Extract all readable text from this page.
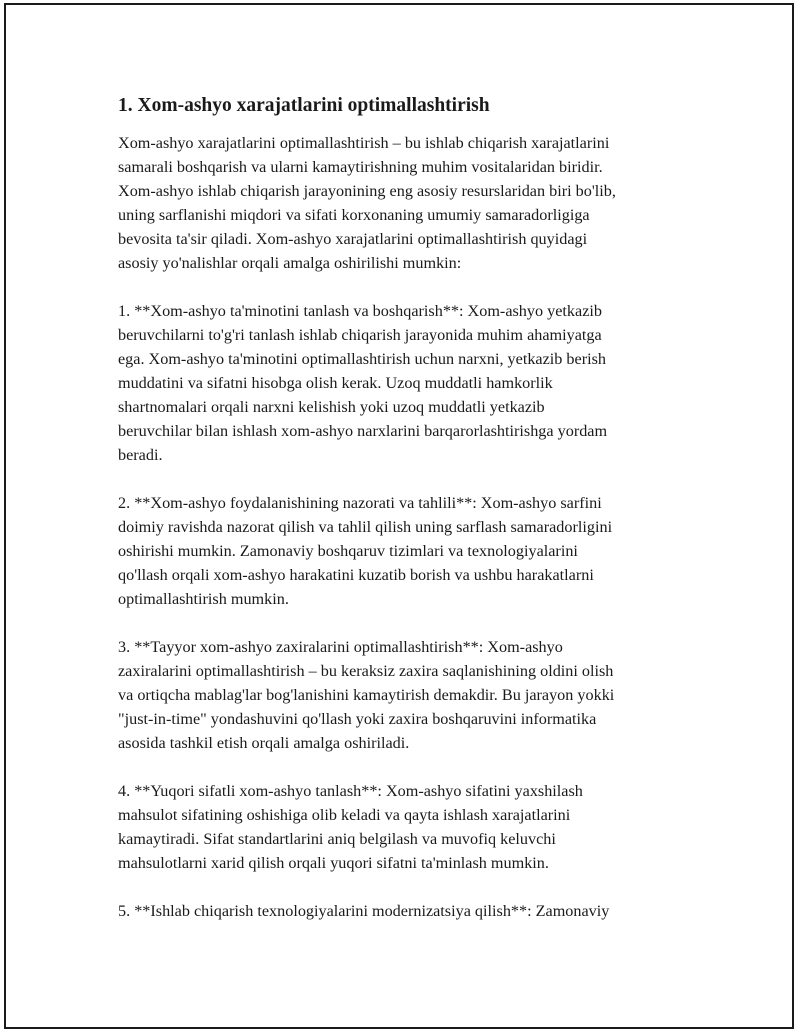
1. Xom-ashyo xarajatlarini optimallashtirish

Xom-ashyo xarajatlarini optimallashtirish – bu ishlab chiqarish xarajatlarini
samarali boshqarish va ularni kamaytirishning muhim vositalaridan biridir.
Xom-ashyo ishlab chiqarish jarayonining eng asosiy resurslaridan biri bo'lib,
uning sarflanishi miqdori va sifati korxonaning umumiy samaradorligiga
bevosita ta'sir qiladi. Xom-ashyo xarajatlarini optimallashtirish quyidagi
asosiy yo'nalishlar orqali amalga oshirilishi mumkin:

1. **Xom-ashyo ta'minotini tanlash va boshqarish**: Xom-ashyo yetkazib
beruvchilarni to'g'ri tanlash ishlab chiqarish jarayonida muhim ahamiyatga
ega. Xom-ashyo ta'minotini optimallashtirish uchun narxni, yetkazib berish
muddatini va sifatni hisobga olish kerak. Uzoq muddatli hamkorlik
shartnomalari orqali narxni kelishish yoki uzoq muddatli yetkazib
beruvchilar bilan ishlash xom-ashyo narxlarini barqarorlashtirishga yordam
beradi.

2. **Xom-ashyo foydalanishining nazorati va tahlili**: Xom-ashyo sarfini
doimiy ravishda nazorat qilish va tahlil qilish uning sarflash samaradorligini
oshirishi mumkin. Zamonaviy boshqaruv tizimlari va texnologiyalarini
qo'llash orqali xom-ashyo harakatini kuzatib borish va ushbu harakatlarni
optimallashtirish mumkin.

3. **Tayyor xom-ashyo zaxiralarini optimallashtirish**: Xom-ashyo
zaxiralarini optimallashtirish – bu keraksiz zaxira saqlanishining oldini olish
va ortiqcha mablag'lar bog'lanishini kamaytirish demakdir. Bu jarayon yokki
"just-in-time" yondashuvini qo'llash yoki zaxira boshqaruvini informatika
asosida tashkil etish orqali amalga oshiriladi.

4. **Yuqori sifatli xom-ashyo tanlash**: Xom-ashyo sifatini yaxshilash
mahsulot sifatining oshishiga olib keladi va qayta ishlash xarajatlarini
kamaytiradi. Sifat standartlarini aniq belgilash va muvofiq keluvchi
mahsulotlarni xarid qilish orqali yuqori sifatni ta'minlash mumkin.

5. **Ishlab chiqarish texnologiyalarini modernizatsiya qilish**: Zamonaviy
